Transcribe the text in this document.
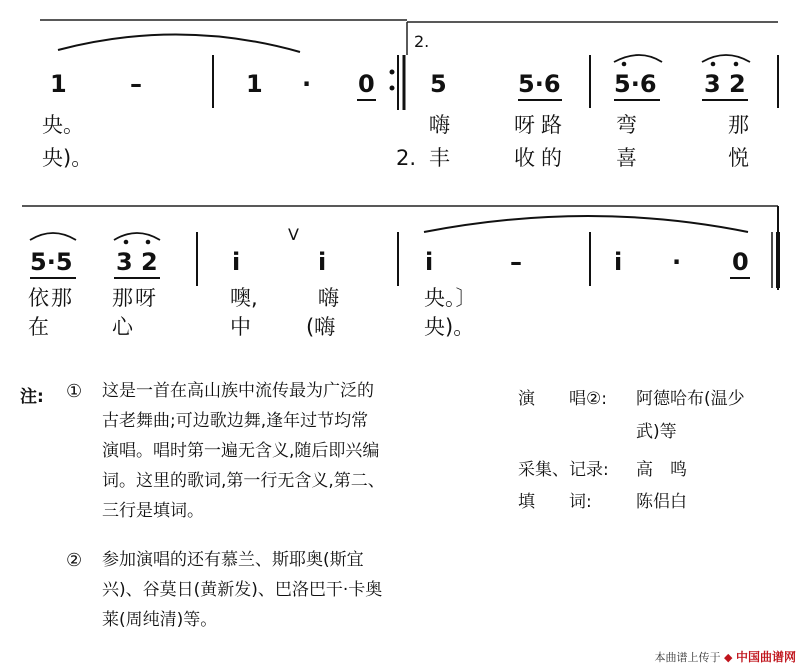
2.
1	–	1 · 0 5	5·6 5·6 3 2
央。	嗨	呀路 弯	那
央)。	2. 丰	收的 喜	悦
5·5 3 2	i
V
i	i	–	i · 0
依那 那呀	噢,	嗨	央。〕
在	心	中	(嗨	央)。
注: ① 这是一首在高山族中流传最为广泛的
古老舞曲;可边歌边舞,逢年过节均常
演唱。唱时第一遍无含义,随后即兴编
词。这里的歌词,第一行无含义,第二、
三行是填词。
② 参加演唱的还有慕兰、斯耶奥(斯宜
兴)、谷莫日(黄新发)、巴洛巴干·卡奥
莱(周纯清)等。
演　　唱②: 阿德哈布(温少
武)等
采集、记录: 高　鸣
填　　词:	陈侣白
本曲谱上传于 ◆ 中国曲谱网
